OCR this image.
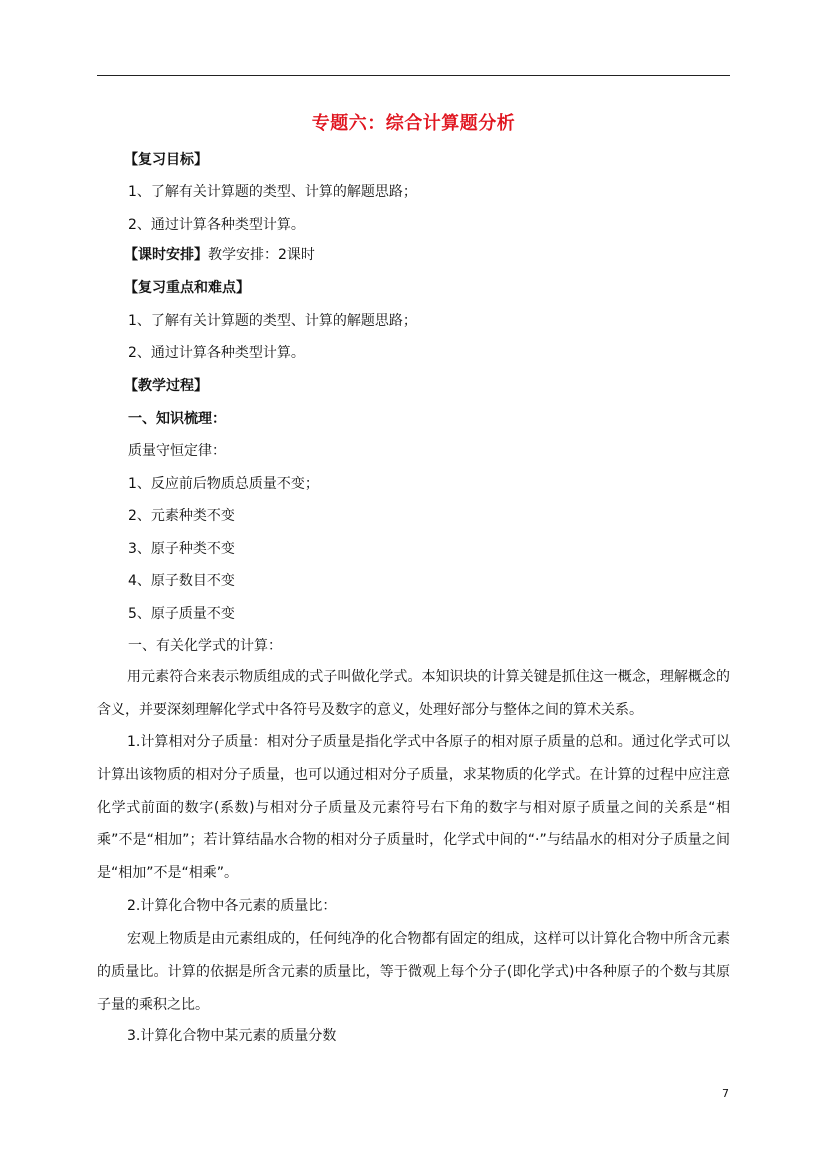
专题六：综合计算题分析
【复习目标】
1、了解有关计算题的类型、计算的解题思路；
2、通过计算各种类型计算。
【课时安排】教学安排：2课时
【复习重点和难点】
1、了解有关计算题的类型、计算的解题思路；
2、通过计算各种类型计算。
【教学过程】
一、知识梳理：
质量守恒定律：
1、反应前后物质总质量不变；
2、元素种类不变
3、原子种类不变
4、原子数目不变
5、原子质量不变
一、有关化学式的计算：
用元素符合来表示物质组成的式子叫做化学式。本知识块的计算关键是抓住这一概念，理解概念的含义，并要深刻理解化学式中各符号及数字的意义，处理好部分与整体之间的算术关系。
1.计算相对分子质量：相对分子质量是指化学式中各原子的相对原子质量的总和。通过化学式可以计算出该物质的相对分子质量，也可以通过相对分子质量，求某物质的化学式。在计算的过程中应注意化学式前面的数字(系数)与相对分子质量及元素符号右下角的数字与相对原子质量之间的关系是“相乘”不是“相加”；若计算结晶水合物的相对分子质量时，化学式中间的“·”与结晶水的相对分子质量之间是“相加”不是“相乘”。
2.计算化合物中各元素的质量比：
宏观上物质是由元素组成的，任何纯净的化合物都有固定的组成，这样可以计算化合物中所含元素的质量比。计算的依据是所含元素的质量比，等于微观上每个分子(即化学式)中各种原子的个数与其原子量的乘积之比。
3.计算化合物中某元素的质量分数
7
